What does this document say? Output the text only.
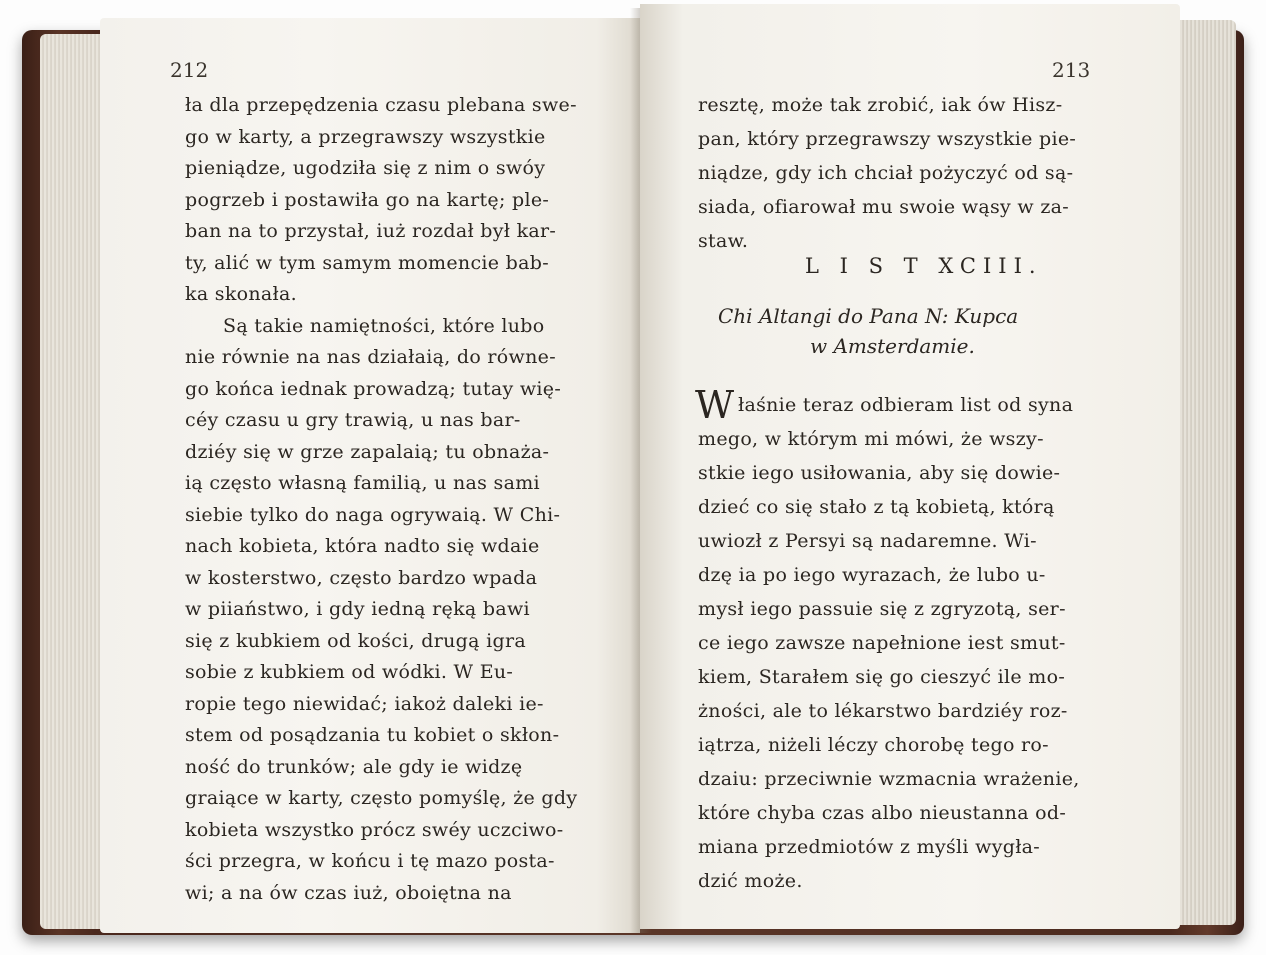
212
ła dla przepędzenia czasu plebana swe-
go w karty, a przegrawszy wszystkie
pieniądze, ugodziła się z nim o swóy
pogrzeb i postawiła go na kartę; ple-
ban na to przystał, iuż rozdał był kar-
ty, alić w tym samym momencie bab-
ka skonała.
Są takie namiętności, które lubo
nie równie na nas działaią, do równe-
go końca iednak prowadzą; tutay wię-
céy czasu u gry trawią, u nas bar-
dziéy się w grze zapalaią; tu obnaża-
ią często własną familią, u nas sami
siebie tylko do naga ogrywaią. W Chi-
nach kobieta, która nadto się wdaie
w kosterstwo, często bardzo wpada
w piiaństwo, i gdy iedną ręką bawi
się z kubkiem od kości, drugą igra
sobie z kubkiem od wódki. W Eu-
ropie tego niewidać; iakoż daleki ie-
stem od posądzania tu kobiet o skłon-
ność do trunków; ale gdy ie widzę
graiące w karty, często pomyślę, że gdy
kobieta wszystko prócz swéy uczciwo-
ści przegra, w końcu i tę mazo posta-
wi; a na ów czas iuż, oboiętna na
213
resztę, może tak zrobić, iak ów Hisz-
pan, który przegrawszy wszystkie pie-
niądze, gdy ich chciał pożyczyć od są-
siada, ofiarował mu swoie wąsy w za-
staw.
L I S T XCIII.
Chi Altangi do Pana N: Kupca
w Amsterdamie.
W łaśnie teraz odbieram list od syna
mego, w którym mi mówi, że wszy-
stkie iego usiłowania, aby się dowie-
dzieć co się stało z tą kobietą, którą
uwiozł z Persyi są nadaremne. Wi-
dzę ia po iego wyrazach, że lubo u-
mysł iego passuie się z zgryzotą, ser-
ce iego zawsze napełnione iest smut-
kiem, Starałem się go cieszyć ile mo-
żności, ale to lékarstwo bardziéy roz-
iątrza, niżeli léczy chorobę tego ro-
dzaiu: przeciwnie wzmacnia wrażenie,
które chyba czas albo nieustanna od-
miana przedmiotów z myśli wygła-
dzić może.
